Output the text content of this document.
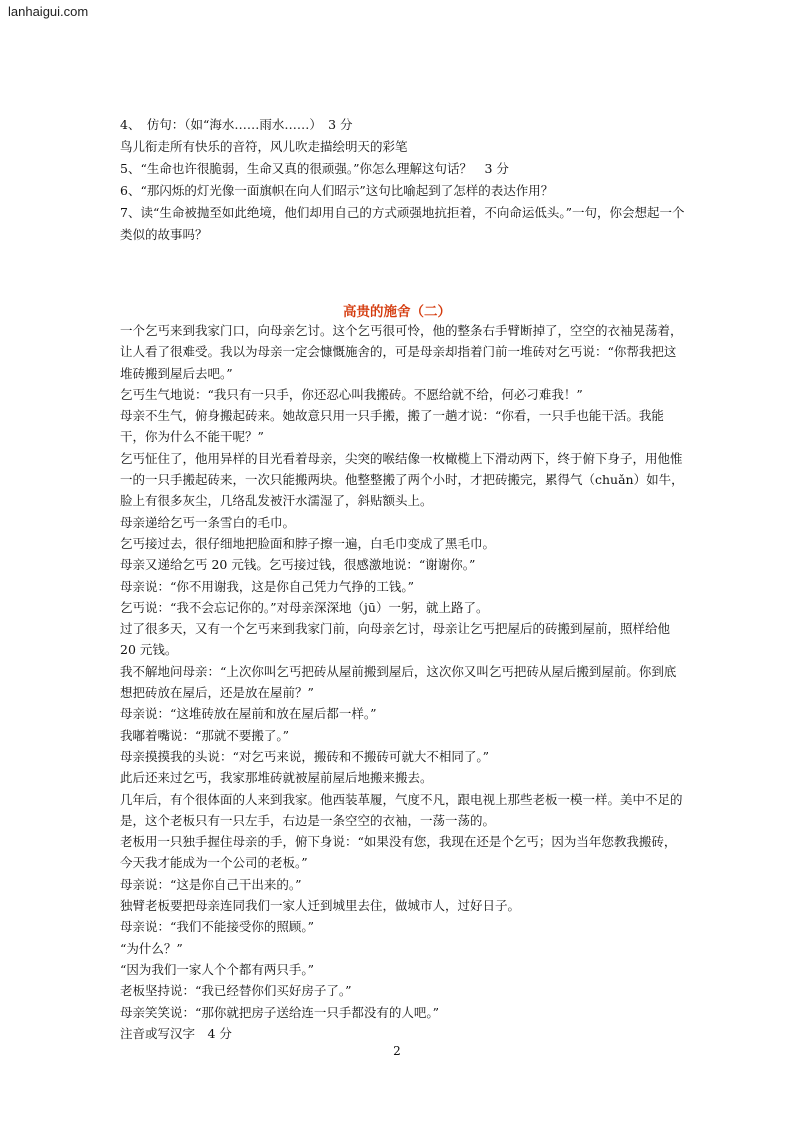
lanhaigui.com

4、　仿句：（如“海水……雨水……）　3 分

鸟儿衔走所有快乐的音符，风儿吹走描绘明天的彩笔

5、“生命也许很脆弱，生命又真的很顽强。”你怎么理解这句话？　3 分

6、“那闪烁的灯光像一面旗帜在向人们昭示”这句比喻起到了怎样的表达作用？

7、读“生命被抛至如此绝境，他们却用自己的方式顽强地抗拒着，不向命运低头。”一句，你会想起一个类似的故事吗？

高贵的施舍（二）

一个乞丐来到我家门口，向母亲乞讨。这个乞丐很可怜，他的整条右手臂断掉了，空空的衣袖晃荡着，让人看了很难受。我以为母亲一定会慷慨施舍的，可是母亲却指着门前一堆砖对乞丐说：“你帮我把这堆砖搬到屋后去吧。”

乞丐生气地说：“我只有一只手，你还忍心叫我搬砖。不愿给就不给，何必刁难我！”

母亲不生气，俯身搬起砖来。她故意只用一只手搬，搬了一趟才说：“你看，一只手也能干活。我能干，你为什么不能干呢？”

乞丐怔住了，他用异样的目光看着母亲，尖突的喉结像一枚橄榄上下滑动两下，终于俯下身子，用他惟一的一只手搬起砖来，一次只能搬两块。他整整搬了两个小时，才把砖搬完，累得气（chuǎn）如牛，脸上有很多灰尘，几络乱发被汗水濡湿了，斜贴额头上。

母亲递给乞丐一条雪白的毛巾。

乞丐接过去，很仔细地把脸面和脖子擦一遍，白毛巾变成了黑毛巾。

母亲又递给乞丐 20 元钱。乞丐接过钱，很感激地说：“谢谢你。”

母亲说：“你不用谢我，这是你自己凭力气挣的工钱。”

乞丐说：“我不会忘记你的。”对母亲深深地（jū）一躬，就上路了。

过了很多天，又有一个乞丐来到我家门前，向母亲乞讨，母亲让乞丐把屋后的砖搬到屋前，照样给他 20 元钱。

我不解地问母亲：“上次你叫乞丐把砖从屋前搬到屋后，这次你又叫乞丐把砖从屋后搬到屋前。你到底想把砖放在屋后，还是放在屋前？”

母亲说：“这堆砖放在屋前和放在屋后都一样。”

我嘟着嘴说：“那就不要搬了。”

母亲摸摸我的头说：“对乞丐来说，搬砖和不搬砖可就大不相同了。”

此后还来过乞丐，我家那堆砖就被屋前屋后地搬来搬去。

几年后，有个很体面的人来到我家。他西装革履，气度不凡，跟电视上那些老板一模一样。美中不足的是，这个老板只有一只左手，右边是一条空空的衣袖，一荡一荡的。

老板用一只独手握住母亲的手，俯下身说：“如果没有您，我现在还是个乞丐；因为当年您教我搬砖，今天我才能成为一个公司的老板。”

母亲说：“这是你自己干出来的。”

独臂老板要把母亲连同我们一家人迁到城里去住，做城市人，过好日子。

母亲说：“我们不能接受你的照顾。”

“为什么？”

“因为我们一家人个个都有两只手。”

老板坚持说：“我已经替你们买好房子了。”

母亲笑笑说：“那你就把房子送给连一只手都没有的人吧。”

注音或写汉字　4 分

2
